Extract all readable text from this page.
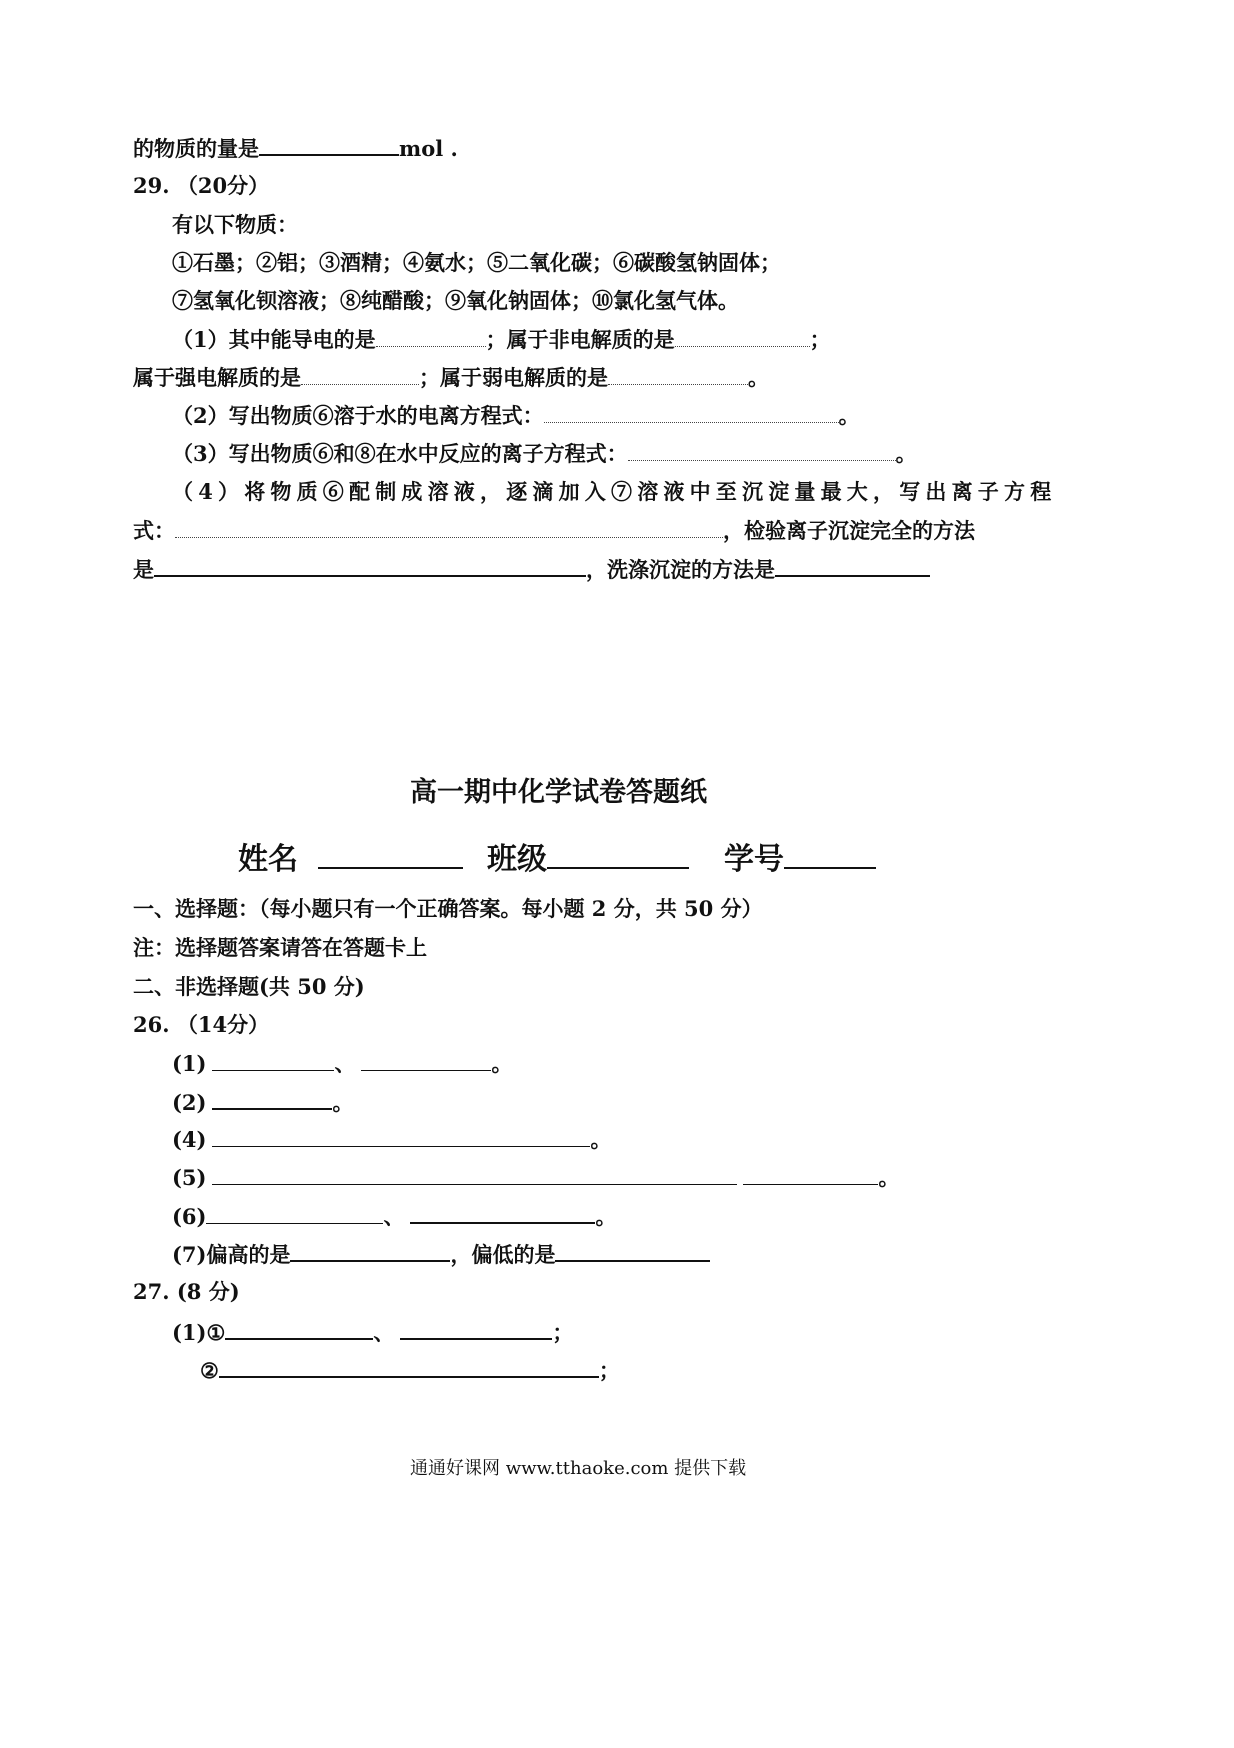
的物质的量是	mol .
29. （20分）
有以下物质：
①石墨；②铝；③酒精；④氨水；⑤二氧化碳；⑥碳酸氢钠固体；
⑦氢氧化钡溶液；⑧纯醋酸；⑨氧化钠固体；⑩氯化氢气体。
（1）其中能导电的是	；属于非电解质的是	；
属于强电解质的是	；属于弱电解质的是	。
（2）写出物质⑥溶于水的电离方程式：	。
（3）写出物质⑥和⑧在水中反应的离子方程式：	。
（4）将物质⑥配制成溶液，逐滴加入⑦溶液中至沉淀量最大，写出离子方程
式：	，检验离子沉淀完全的方法
是	，洗涤沉淀的方法是
高一期中化学试卷答题纸
姓名	班级	学号
一、选择题：（每小题只有一个正确答案。每小题 2 分，共 50 分）
注：选择题答案请答在答题卡上
二、非选择题(共 50 分)
26. （14分）
(1)	、	。
(2)	。
(4)	。
(5)	。
(6)	、	。
(7)偏高的是	，偏低的是
27. (8 分)
(1)①	、	；
②	；
通通好课网 www.tthaoke.com 提供下载
